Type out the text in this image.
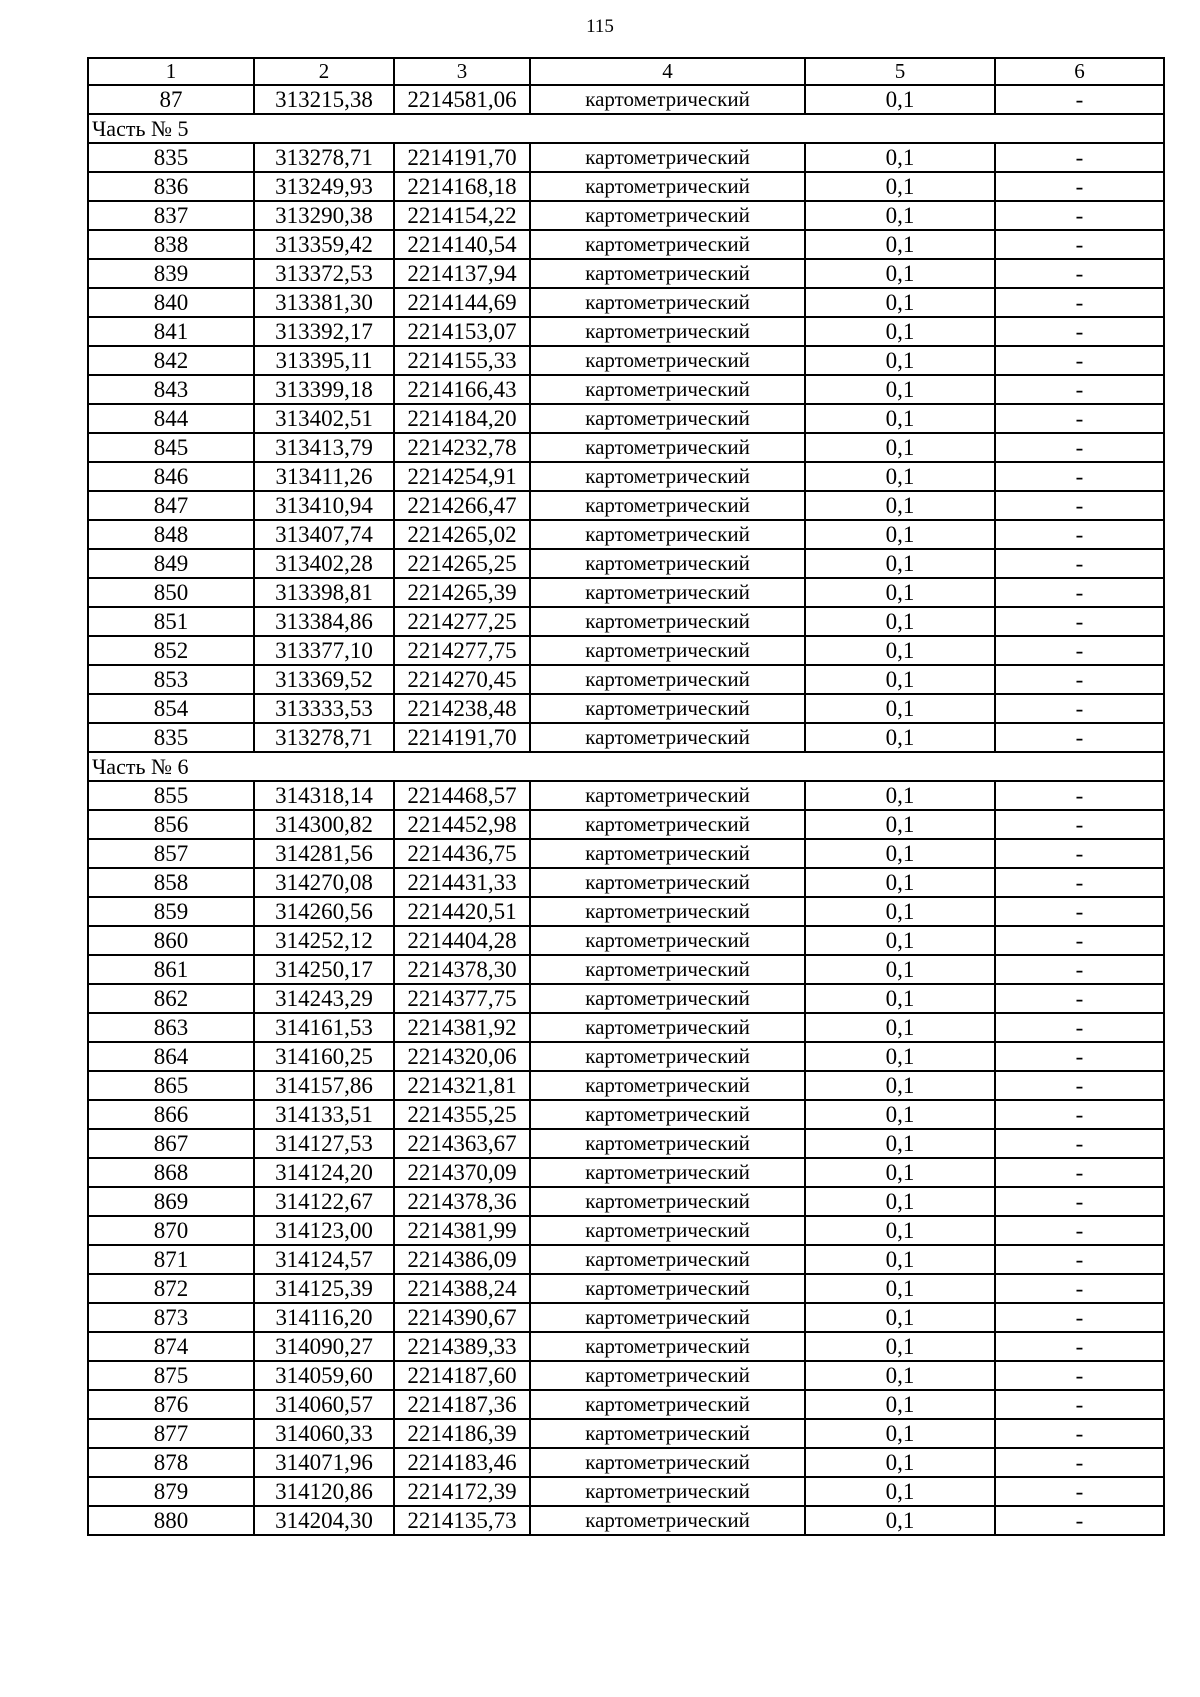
115
1	2	3	4	5	6
87	313215,38	2214581,06	картометрический	0,1	-
Часть № 5					
835	313278,71	2214191,70	картометрический	0,1	-
836	313249,93	2214168,18	картометрический	0,1	-
837	313290,38	2214154,22	картометрический	0,1	-
838	313359,42	2214140,54	картометрический	0,1	-
839	313372,53	2214137,94	картометрический	0,1	-
840	313381,30	2214144,69	картометрический	0,1	-
841	313392,17	2214153,07	картометрический	0,1	-
842	313395,11	2214155,33	картометрический	0,1	-
843	313399,18	2214166,43	картометрический	0,1	-
844	313402,51	2214184,20	картометрический	0,1	-
845	313413,79	2214232,78	картометрический	0,1	-
846	313411,26	2214254,91	картометрический	0,1	-
847	313410,94	2214266,47	картометрический	0,1	-
848	313407,74	2214265,02	картометрический	0,1	-
849	313402,28	2214265,25	картометрический	0,1	-
850	313398,81	2214265,39	картометрический	0,1	-
851	313384,86	2214277,25	картометрический	0,1	-
852	313377,10	2214277,75	картометрический	0,1	-
853	313369,52	2214270,45	картометрический	0,1	-
854	313333,53	2214238,48	картометрический	0,1	-
835	313278,71	2214191,70	картометрический	0,1	-
Часть № 6					
855	314318,14	2214468,57	картометрический	0,1	-
856	314300,82	2214452,98	картометрический	0,1	-
857	314281,56	2214436,75	картометрический	0,1	-
858	314270,08	2214431,33	картометрический	0,1	-
859	314260,56	2214420,51	картометрический	0,1	-
860	314252,12	2214404,28	картометрический	0,1	-
861	314250,17	2214378,30	картометрический	0,1	-
862	314243,29	2214377,75	картометрический	0,1	-
863	314161,53	2214381,92	картометрический	0,1	-
864	314160,25	2214320,06	картометрический	0,1	-
865	314157,86	2214321,81	картометрический	0,1	-
866	314133,51	2214355,25	картометрический	0,1	-
867	314127,53	2214363,67	картометрический	0,1	-
868	314124,20	2214370,09	картометрический	0,1	-
869	314122,67	2214378,36	картометрический	0,1	-
870	314123,00	2214381,99	картометрический	0,1	-
871	314124,57	2214386,09	картометрический	0,1	-
872	314125,39	2214388,24	картометрический	0,1	-
873	314116,20	2214390,67	картометрический	0,1	-
874	314090,27	2214389,33	картометрический	0,1	-
875	314059,60	2214187,60	картометрический	0,1	-
876	314060,57	2214187,36	картометрический	0,1	-
877	314060,33	2214186,39	картометрический	0,1	-
878	314071,96	2214183,46	картометрический	0,1	-
879	314120,86	2214172,39	картометрический	0,1	-
880	314204,30	2214135,73	картометрический	0,1	-
